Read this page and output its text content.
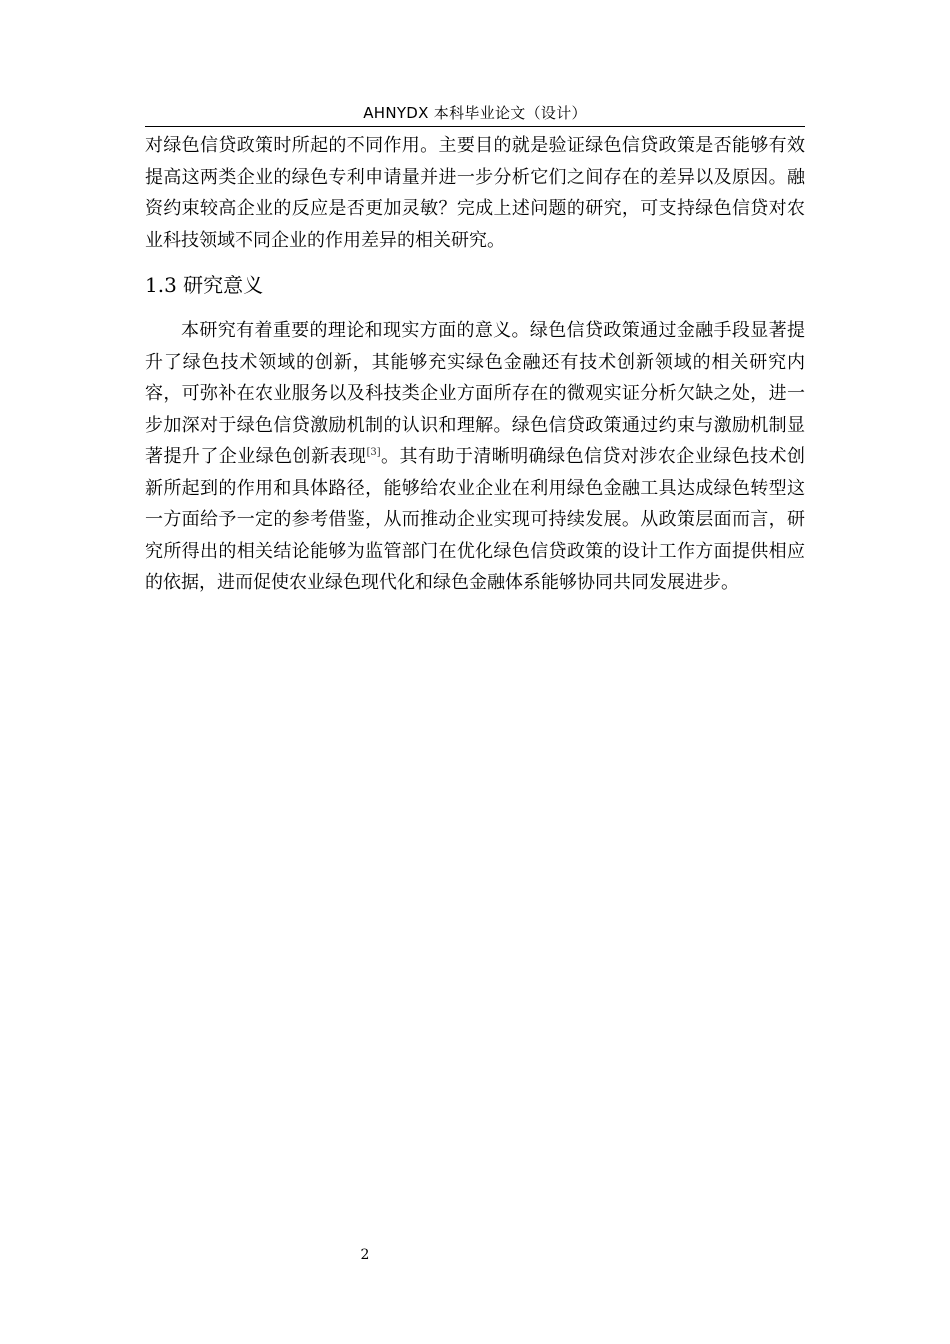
AHNYDX 本科毕业论文（设计）

对绿色信贷政策时所起的不同作用。主要目的就是验证绿色信贷政策是否能够有效提高这两类企业的绿色专利申请量并进一步分析它们之间存在的差异以及原因。融资约束较高企业的反应是否更加灵敏？完成上述问题的研究，可支持绿色信贷对农业科技领域不同企业的作用差异的相关研究。

1.3 研究意义

本研究有着重要的理论和现实方面的意义。绿色信贷政策通过金融手段显著提升了绿色技术领域的创新，其能够充实绿色金融还有技术创新领域的相关研究内容，可弥补在农业服务以及科技类企业方面所存在的微观实证分析欠缺之处，进一步加深对于绿色信贷激励机制的认识和理解。绿色信贷政策通过约束与激励机制显著提升了企业绿色创新表现[3]。其有助于清晰明确绿色信贷对涉农企业绿色技术创新所起到的作用和具体路径，能够给农业企业在利用绿色金融工具达成绿色转型这一方面给予一定的参考借鉴，从而推动企业实现可持续发展。从政策层面而言，研究所得出的相关结论能够为监管部门在优化绿色信贷政策的设计工作方面提供相应的依据，进而促使农业绿色现代化和绿色金融体系能够协同共同发展进步。

2
